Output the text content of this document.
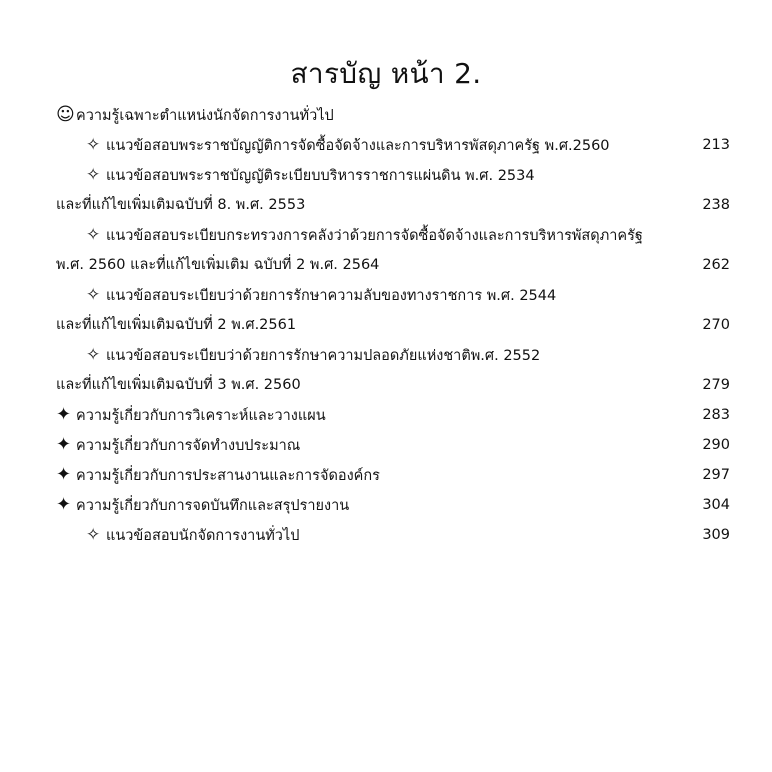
สารบัญ หน้า 2.
☺ความรู้เฉพาะตำแหน่งนักจัดการงานทั่วไป
✧ แนวข้อสอบพระราชบัญญัติการจัดซื้อจัดจ้างและการบริหารพัสดุภาครัฐ พ.ศ.2560	213
✧ แนวข้อสอบพระราชบัญญัติระเบียบบริหารราชการแผ่นดิน พ.ศ. 2534
และที่แก้ไขเพิ่มเติมฉบับที่ 8. พ.ศ. 2553	238
✧ แนวข้อสอบระเบียบกระทรวงการคลังว่าด้วยการจัดซื้อจัดจ้างและการบริหารพัสดุภาครัฐ
พ.ศ. 2560 และที่แก้ไขเพิ่มเติม ฉบับที่ 2 พ.ศ. 2564	262
✧ แนวข้อสอบระเบียบว่าด้วยการรักษาความลับของทางราชการ พ.ศ. 2544
และที่แก้ไขเพิ่มเติมฉบับที่ 2 พ.ศ.2561	270
✧ แนวข้อสอบระเบียบว่าด้วยการรักษาความปลอดภัยแห่งชาติพ.ศ. 2552
และที่แก้ไขเพิ่มเติมฉบับที่ 3 พ.ศ. 2560	279
✦ ความรู้เกี่ยวกับการวิเคราะห์และวางแผน	283
✦ ความรู้เกี่ยวกับการจัดทำงบประมาณ	290
✦ ความรู้เกี่ยวกับการประสานงานและการจัดองค์กร	297
✦ ความรู้เกี่ยวกับการจดบันทึกและสรุปรายงาน	304
✧ แนวข้อสอบนักจัดการงานทั่วไป	309
